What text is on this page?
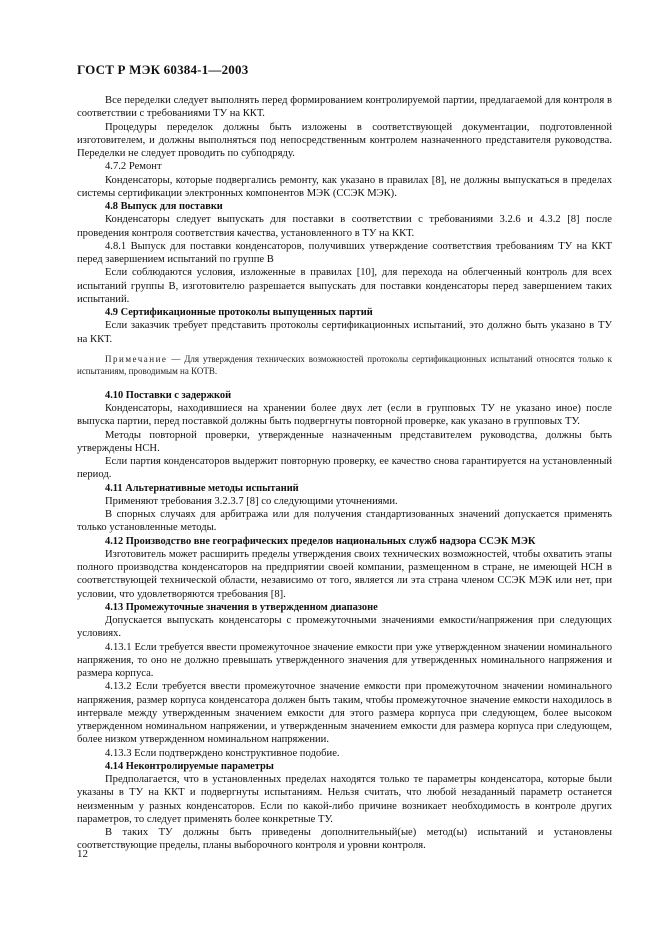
ГОСТ Р МЭК 60384-1—2003

Все переделки следует выполнять перед формированием контролируемой партии, предлагаемой для контроля в соответствии с требованиями ТУ на ККТ.

Процедуры переделок должны быть изложены в соответствующей документации, подготовленной изготовителем, и должны выполняться под непосредственным контролем назначенного представителя руководства. Переделки не следует проводить по субподряду.

4.7.2 Ремонт

Конденсаторы, которые подвергались ремонту, как указано в правилах [8], не должны выпускаться в пределах системы сертификации электронных компонентов МЭК (ССЭК МЭК).

4.8 Выпуск для поставки

Конденсаторы следует выпускать для поставки в соответствии с требованиями 3.2.6 и 4.3.2 [8] после проведения контроля соответствия качества, установленного в ТУ на ККТ.

4.8.1 Выпуск для поставки конденсаторов, получивших утверждение соответствия требованиям ТУ на ККТ перед завершением испытаний по группе В

Если соблюдаются условия, изложенные в правилах [10], для перехода на облегченный контроль для всех испытаний группы В, изготовителю разрешается выпускать для поставки конденсаторы перед завершением таких испытаний.

4.9 Сертификационные протоколы выпущенных партий

Если заказчик требует представить протоколы сертификационных испытаний, это должно быть указано в ТУ на ККТ.

Примечание — Для утверждения технических возможностей протоколы сертификационных испытаний относятся только к испытаниям, проводимым на КОТВ.

4.10 Поставки с задержкой

Конденсаторы, находившиеся на хранении более двух лет (если в групповых ТУ не указано иное) после выпуска партии, перед поставкой должны быть подвергнуты повторной проверке, как указано в групповых ТУ.

Методы повторной проверки, утвержденные назначенным представителем руководства, должны быть утверждены НСН.

Если партия конденсаторов выдержит повторную проверку, ее качество снова гарантируется на установленный период.

4.11 Альтернативные методы испытаний

Применяют требования 3.2.3.7 [8] со следующими уточнениями.

В спорных случаях для арбитража или для получения стандартизованных значений допускается применять только установленные методы.

4.12 Производство вне географических пределов национальных служб надзора ССЭК МЭК

Изготовитель может расширить пределы утверждения своих технических возможностей, чтобы охватить этапы полного производства конденсаторов на предприятии своей компании, размещенном в стране, не имеющей НСН в соответствующей технической области, независимо от того, является ли эта страна членом ССЭК МЭК или нет, при условии, что удовлетворяются требования [8].

4.13 Промежуточные значения в утвержденном диапазоне

Допускается выпускать конденсаторы с промежуточными значениями емкости/напряжения при следующих условиях.

4.13.1 Если требуется ввести промежуточное значение емкости при уже утвержденном значении номинального напряжения, то оно не должно превышать утвержденного значения для утвержденных номинального напряжения и размера корпуса.

4.13.2 Если требуется ввести промежуточное значение емкости при промежуточном значении номинального напряжения, размер корпуса конденсатора должен быть таким, чтобы промежуточное значение емкости находилось в интервале между утвержденным значением емкости для этого размера корпуса при следующем, более высоком утвержденном номинальном напряжении, и утвержденным значением емкости для размера корпуса при следующем, более низком утвержденном номинальном напряжении.

4.13.3 Если подтверждено конструктивное подобие.

4.14 Неконтролируемые параметры

Предполагается, что в установленных пределах находятся только те параметры конденсатора, которые были указаны в ТУ на ККТ и подвергнуты испытаниям. Нельзя считать, что любой незаданный параметр останется неизменным у разных конденсаторов. Если по какой-либо причине возникает необходимость в контроле других параметров, то следует применять более конкретные ТУ.

В таких ТУ должны быть приведены дополнительный(ые) метод(ы) испытаний и установлены соответствующие пределы, планы выборочного контроля и уровни контроля.

12
